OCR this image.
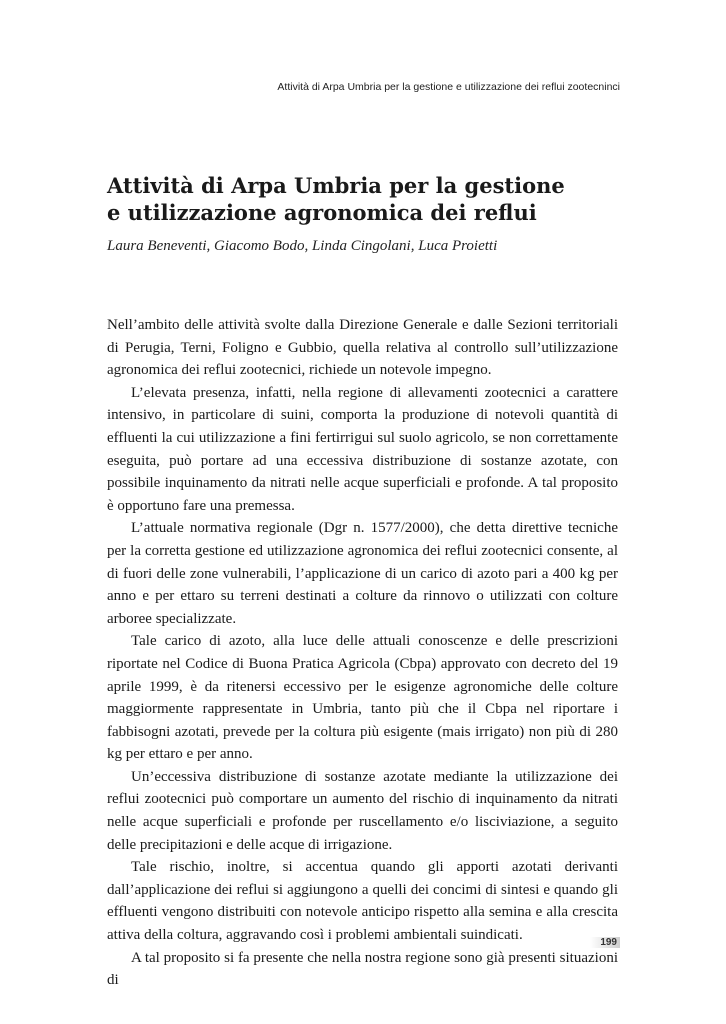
Attività di Arpa Umbria per la gestione e utilizzazione dei reflui zootecninci
Attività di Arpa Umbria per la gestione
e utilizzazione agronomica dei reflui
Laura Beneventi, Giacomo Bodo, Linda Cingolani, Luca Proietti

Nell’ambito delle attività svolte dalla Direzione Generale e dalle Sezioni territoriali di Perugia, Terni, Foligno e Gubbio, quella relativa al controllo sull’utilizzazione agronomica dei reflui zootecnici, richiede un notevole impegno.

L’elevata presenza, infatti, nella regione di allevamenti zootecnici a carattere intensivo, in particolare di suini, comporta la produzione di notevoli quantità di effluenti la cui utilizzazione a fini fertirrigui sul suolo agricolo, se non correttamente eseguita, può portare ad una eccessiva distribuzione di sostanze azotate, con possibile inquinamento da nitrati nelle acque superficiali e profonde. A tal proposito è opportuno fare una premessa.

L’attuale normativa regionale (Dgr n. 1577/2000), che detta direttive tecniche per la corretta gestione ed utilizzazione agronomica dei reflui zootecnici consente, al di fuori delle zone vulnerabili, l’applicazione di un carico di azoto pari a 400 kg per anno e per ettaro su terreni destinati a colture da rinnovo o utilizzati con colture arboree specializzate.

Tale carico di azoto, alla luce delle attuali conoscenze e delle prescrizioni riportate nel Codice di Buona Pratica Agricola (Cbpa) approvato con decreto del 19 aprile 1999, è da ritenersi eccessivo per le esigenze agronomiche delle colture maggiormente rappresentate in Umbria, tanto più che il Cbpa nel riportare i fabbisogni azotati, prevede per la coltura più esigente (mais irrigato) non più di 280 kg per ettaro e per anno.

Un’eccessiva distribuzione di sostanze azotate mediante la utilizzazione dei reflui zootecnici può comportare un aumento del rischio di inquinamento da nitrati nelle acque superficiali e profonde per ruscellamento e/o lisciviazione, a seguito delle precipitazioni e delle acque di irrigazione.

Tale rischio, inoltre, si accentua quando gli apporti azotati derivanti dall’applicazione dei reflui si aggiungono a quelli dei concimi di sintesi e quando gli effluenti vengono distribuiti con notevole anticipo rispetto alla semina e alla crescita attiva della coltura, aggravando così i problemi ambientali suindicati.

A tal proposito si fa presente che nella nostra regione sono già presenti situazioni di

199
